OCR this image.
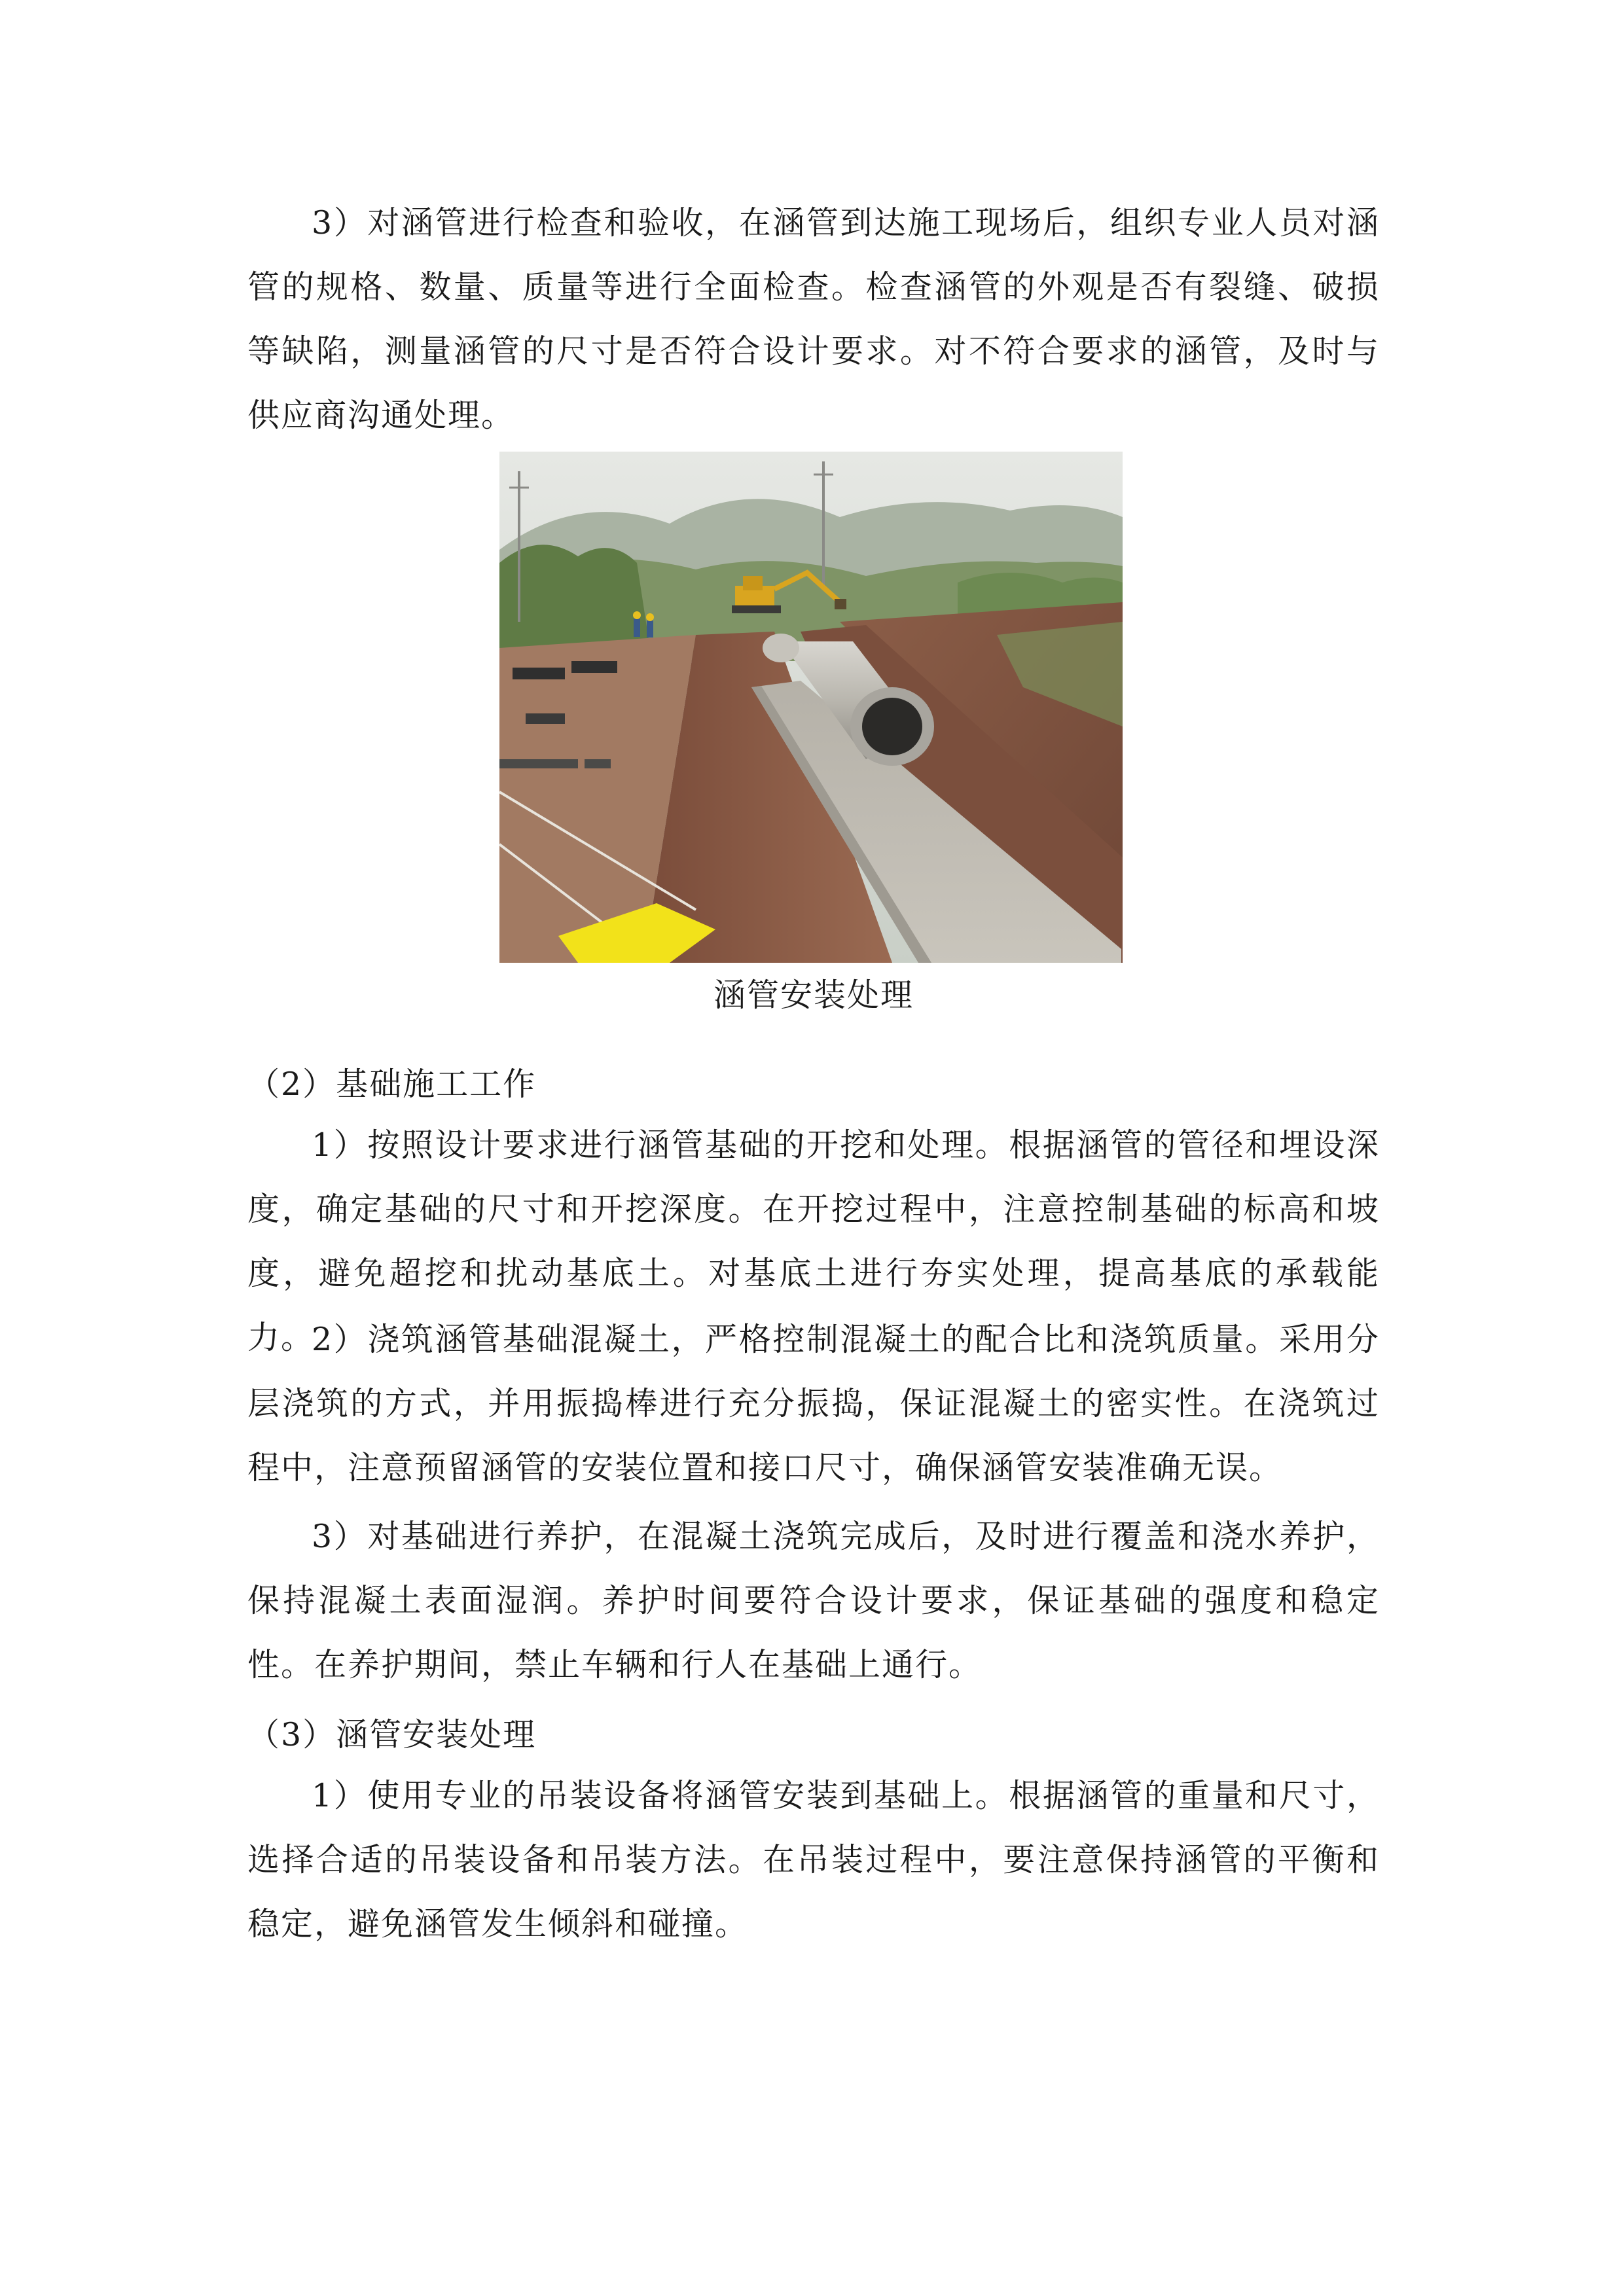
3）对涵管进行检查和验收，在涵管到达施工现场后，组织专业人员对涵管的规格、数量、质量等进行全面检查。检查涵管的外观是否有裂缝、破损等缺陷，测量涵管的尺寸是否符合设计要求。对不符合要求的涵管，及时与供应商沟通处理。

涵管安装处理

（2）基础施工工作

1）按照设计要求进行涵管基础的开挖和处理。根据涵管的管径和埋设深度，确定基础的尺寸和开挖深度。在开挖过程中，注意控制基础的标高和坡度，避免超挖和扰动基底土。对基底土进行夯实处理，提高基底的承载能力。

2）浇筑涵管基础混凝土，严格控制混凝土的配合比和浇筑质量。采用分层浇筑的方式，并用振捣棒进行充分振捣，保证混凝土的密实性。在浇筑过程中，注意预留涵管的安装位置和接口尺寸，确保涵管安装准确无误。

3）对基础进行养护，在混凝土浇筑完成后，及时进行覆盖和浇水养护，保持混凝土表面湿润。养护时间要符合设计要求，保证基础的强度和稳定性。在养护期间，禁止车辆和行人在基础上通行。

（3）涵管安装处理

1）使用专业的吊装设备将涵管安装到基础上。根据涵管的重量和尺寸，选择合适的吊装设备和吊装方法。在吊装过程中，要注意保持涵管的平衡和稳定，避免涵管发生倾斜和碰撞。
